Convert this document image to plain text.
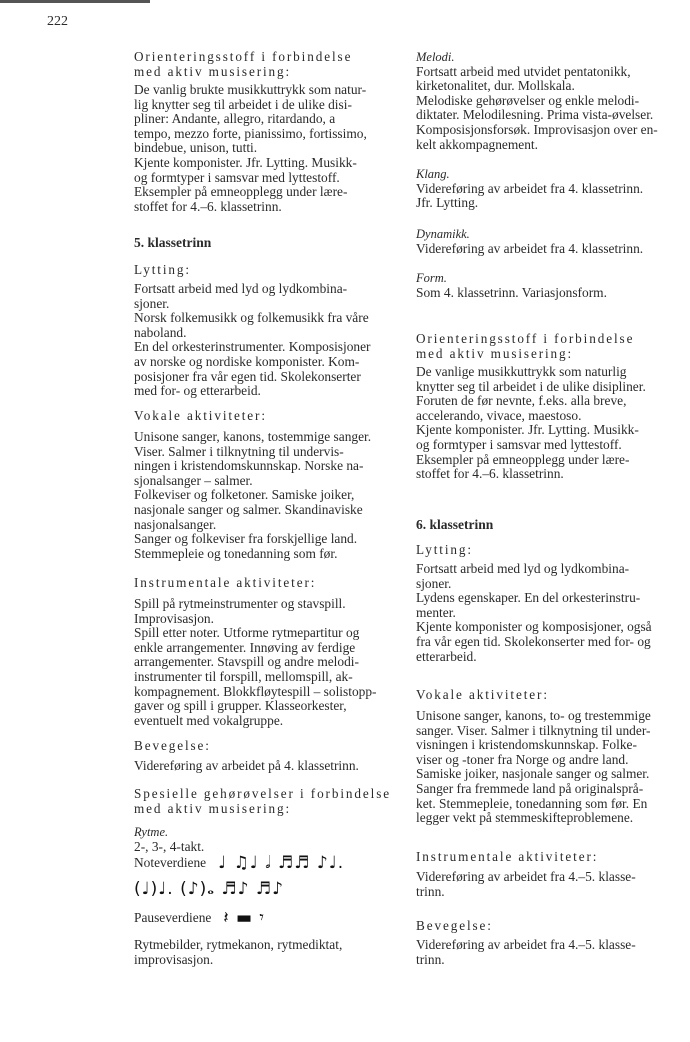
222

Orienteringsstoff i forbindelse

med aktiv musisering:

De vanlig brukte musikkuttrykk som natur-

lig knytter seg til arbeidet i de ulike disi-

pliner: Andante, allegro, ritardando, a

tempo, mezzo forte, pianissimo, fortissimo,

bindebue, unison, tutti.

Kjente komponister. Jfr. Lytting. Musikk-

og formtyper i samsvar med lyttestoff.

Eksempler på emneopplegg under lære-

stoffet for 4.–6. klassetrinn.

5. klassetrinn
Lytting:

Fortsatt arbeid med lyd og lydkombina-

sjoner.

Norsk folkemusikk og folkemusikk fra våre

naboland.

En del orkesterinstrumenter. Komposisjoner

av norske og nordiske komponister. Kom-

posisjoner fra vår egen tid. Skolekonserter

med for- og etterarbeid.

Vokale aktiviteter:

Unisone sanger, kanons, tostemmige sanger.

Viser. Salmer i tilknytning til undervis-

ningen i kristendomskunnskap. Norske na-

sjonalsanger – salmer.

Folkeviser og folketoner. Samiske joiker,

nasjonale sanger og salmer. Skandinaviske

nasjonalsanger.

Sanger og folkeviser fra forskjellige land.

Stemmepleie og tonedanning som før.

Instrumentale aktiviteter:

Spill på rytmeinstrumenter og stavspill.

Improvisasjon.

Spill etter noter. Utforme rytmepartitur og

enkle arrangementer. Innøving av ferdige

arrangementer. Stavspill og andre melodi-

instrumenter til forspill, mellomspill, ak-

kompagnement. Blokkfløytespill – solistopp-

gaver og spill i grupper. Klasseorkester,

eventuelt med vokalgruppe.

Bevegelse:

Videreføring av arbeidet på 4. klassetrinn.

Spesielle gehørøvelser i forbindelse

med aktiv musisering:

Rytme.

2-, 3-, 4-takt.

Noteverdiene ♩ ♫♩ 𝅗𝅥 ♬♬ ♪♩.
(♩)♩. (♪)𝅝 ♬♪ ♬♪
Pauseverdiene 𝄽 ▬ 𝄾

Rytmebilder, rytmekanon, rytmediktat,

improvisasjon.

Melodi.

Fortsatt arbeid med utvidet pentatonikk,

kirketonalitet, dur. Mollskala.

Melodiske gehørøvelser og enkle melodi-

diktater. Melodilesning. Prima vista-øvelser.

Komposisjonsforsøk. Improvisasjon over en-

kelt akkompagnement.

Klang.

Videreføring av arbeidet fra 4. klassetrinn.

Jfr. Lytting.

Dynamikk.

Videreføring av arbeidet fra 4. klassetrinn.

Form.

Som 4. klassetrinn. Variasjonsform.

Orienteringsstoff i forbindelse

med aktiv musisering:

De vanlige musikkuttrykk som naturlig

knytter seg til arbeidet i de ulike disipliner.

Foruten de før nevnte, f.eks. alla breve,

accelerando, vivace, maestoso.

Kjente komponister. Jfr. Lytting. Musikk-

og formtyper i samsvar med lyttestoff.

Eksempler på emneopplegg under lære-

stoffet for 4.–6. klassetrinn.

6. klassetrinn
Lytting:

Fortsatt arbeid med lyd og lydkombina-

sjoner.

Lydens egenskaper. En del orkesterinstru-

menter.

Kjente komponister og komposisjoner, også

fra vår egen tid. Skolekonserter med for- og

etterarbeid.

Vokale aktiviteter:

Unisone sanger, kanons, to- og trestemmige

sanger. Viser. Salmer i tilknytning til under-

visningen i kristendomskunnskap. Folke-

viser og -toner fra Norge og andre land.

Samiske joiker, nasjonale sanger og salmer.

Sanger fra fremmede land på originalsprå-

ket. Stemmepleie, tonedanning som før. En

legger vekt på stemmeskifteproblemene.

Instrumentale aktiviteter:

Videreføring av arbeidet fra 4.–5. klasse-

trinn.

Bevegelse:

Videreføring av arbeidet fra 4.–5. klasse-

trinn.
